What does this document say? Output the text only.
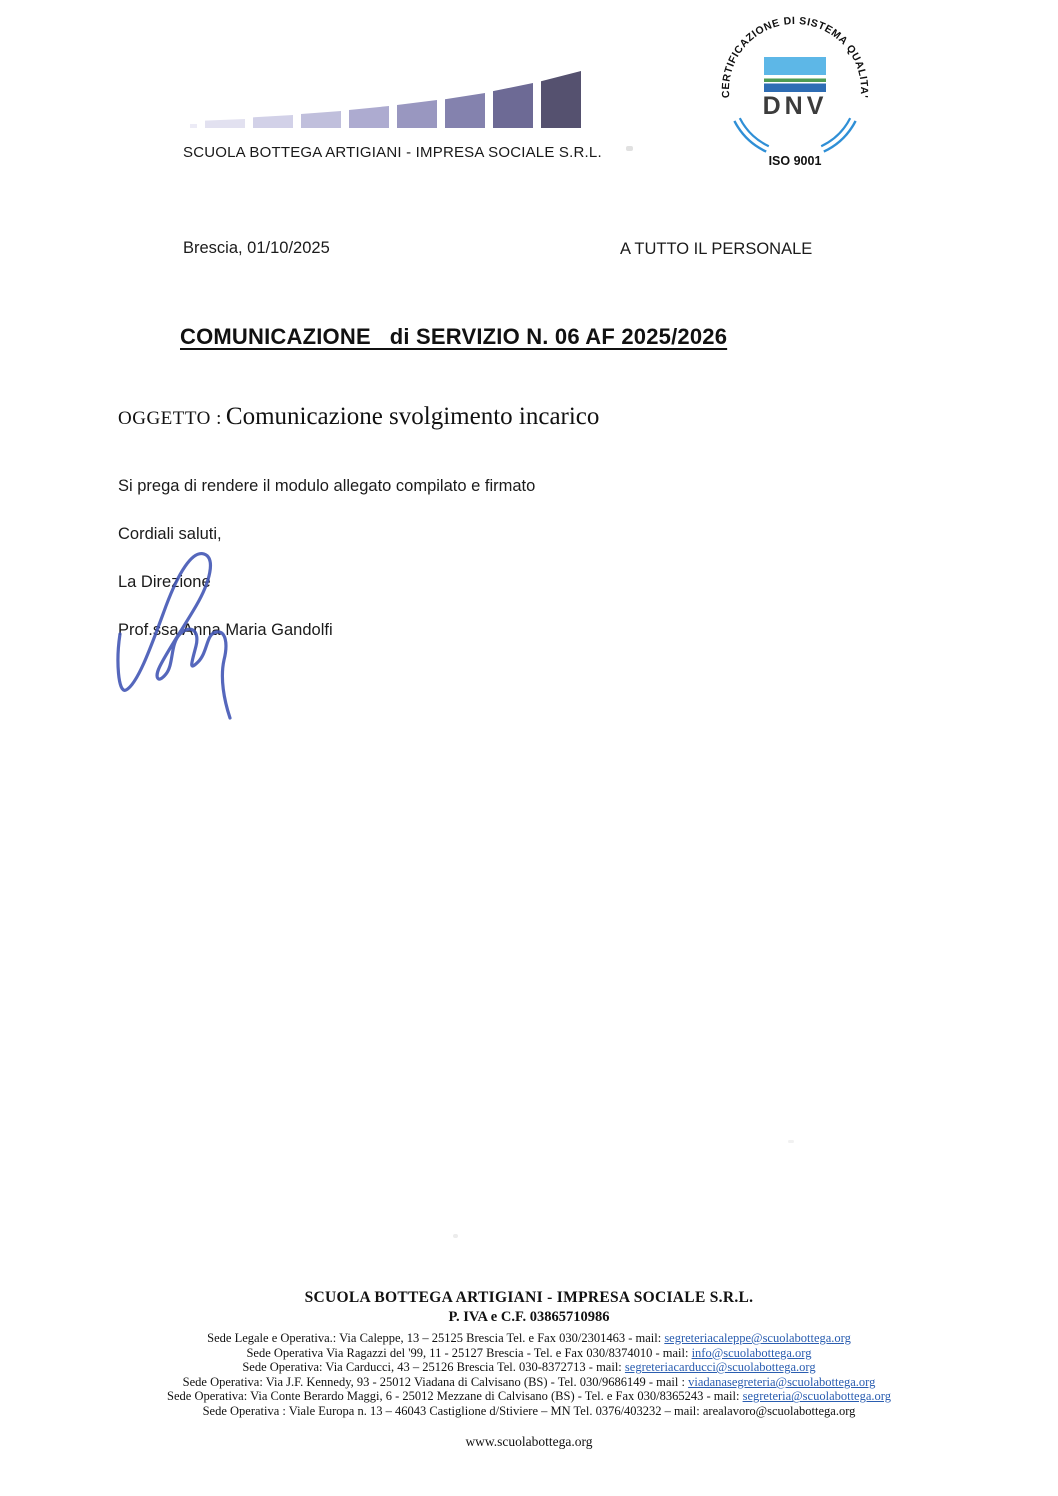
SCUOLA BOTTEGA ARTIGIANI - IMPRESA SOCIALE S.R.L.
CERTIFICAZIONE DI SISTEMA QUALITA'
DNV
ISO 9001
Brescia, 01/10/2025	A TUTTO IL PERSONALE
COMUNICAZIONE   di SERVIZIO N. 06 AF 2025/2026
OGGETTO : Comunicazione svolgimento incarico
Si prega di rendere il modulo allegato compilato e firmato
Cordiali saluti,
La Direzione
Prof.ssa Anna Maria Gandolfi
SCUOLA BOTTEGA ARTIGIANI - IMPRESA SOCIALE S.R.L.
P. IVA e C.F. 03865710986
Sede Legale e Operativa.: Via Caleppe, 13 – 25125 Brescia Tel. e Fax 030/2301463 - mail: segreteriacaleppe@scuolabottega.org
Sede Operativa Via Ragazzi del '99, 11 - 25127 Brescia - Tel. e Fax 030/8374010 - mail: info@scuolabottega.org
Sede Operativa: Via Carducci, 43 – 25126 Brescia Tel. 030-8372713 - mail: segreteriacarducci@scuolabottega.org
Sede Operativa: Via J.F. Kennedy, 93 - 25012 Viadana di Calvisano (BS) - Tel. 030/9686149 - mail : viadanasegreteria@scuolabottega.org
Sede Operativa: Via Conte Berardo Maggi, 6 - 25012 Mezzane di Calvisano (BS) - Tel. e Fax 030/8365243 - mail: segreteria@scuolabottega.org
Sede Operativa : Viale Europa n. 13 – 46043 Castiglione d/Stiviere – MN Tel. 0376/403232 – mail: arealavoro@scuolabottega.org
www.scuolabottega.org
